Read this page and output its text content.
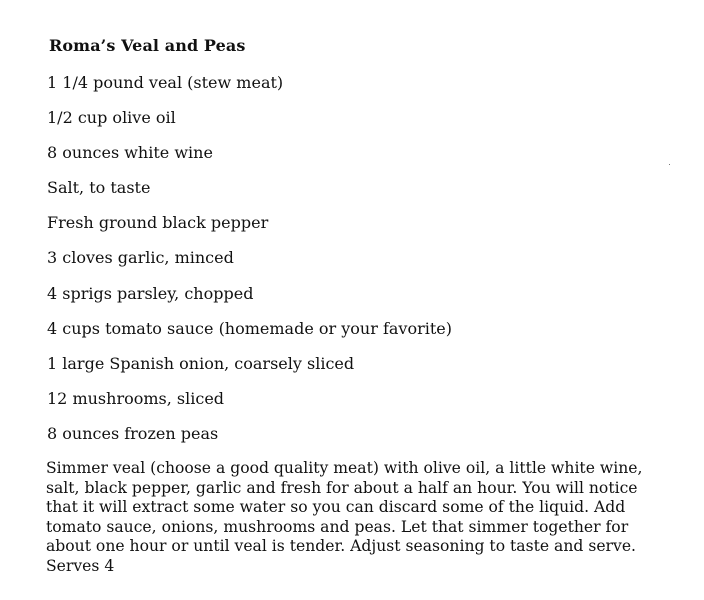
Roma’s Veal and Peas
1 1/4 pound veal (stew meat)
1/2 cup olive oil
8 ounces white wine
Salt, to taste
Fresh ground black pepper
3 cloves garlic, minced
4 sprigs parsley, chopped
4 cups tomato sauce (homemade or your favorite)
1 large Spanish onion, coarsely sliced
12 mushrooms, sliced
8 ounces frozen peas
Simmer veal (choose a good quality meat) with olive oil, a little white wine, salt, black pepper, garlic and fresh for about a half an hour. You will notice that it will extract some water so you can discard some of the liquid. Add tomato sauce, onions, mushrooms and peas. Let that simmer together for about one hour or until veal is tender. Adjust seasoning to taste and serve. Serves 4
